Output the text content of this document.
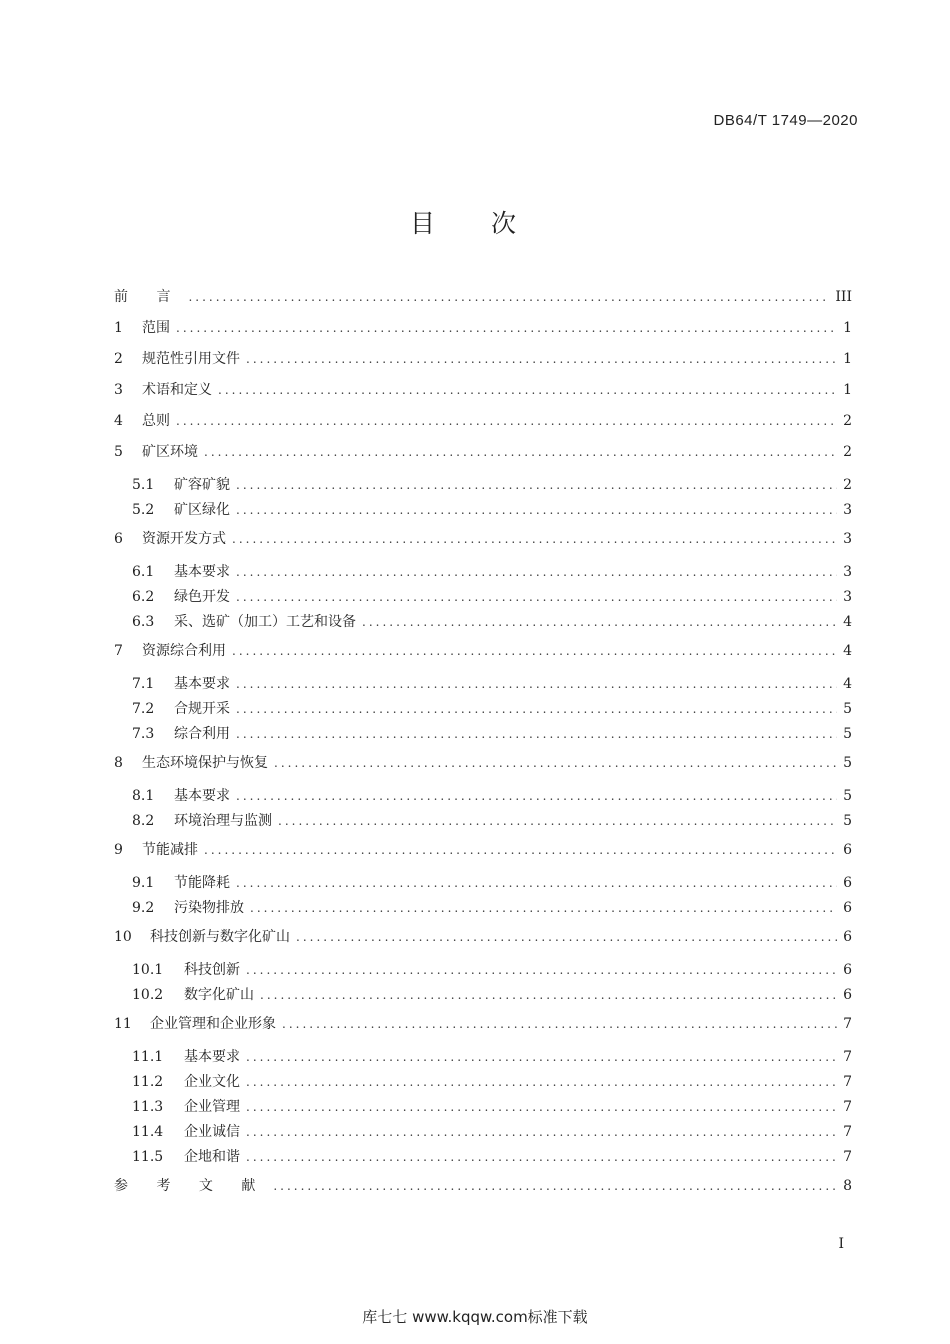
DB64/T 1749—2020
目 次
前 言 .....	III
1	范围 .....	1
2	规范性引用文件 .....	1
3	术语和定义 .....	1
4	总则 .....	2
5	矿区环境 .....	2
5.1	矿容矿貌 .....	2
5.2	矿区绿化 .....	3
6	资源开发方式 .....	3
6.1	基本要求 .....	3
6.2	绿色开发 .....	3
6.3	采、选矿（加工）工艺和设备 .....	4
7	资源综合利用 .....	4
7.1	基本要求 .....	4
7.2	合规开采 .....	5
7.3	综合利用 .....	5
8	生态环境保护与恢复 .....	5
8.1	基本要求 .....	5
8.2	环境治理与监测 .....	5
9	节能减排 .....	6
9.1	节能降耗 .....	6
9.2	污染物排放 .....	6
10	科技创新与数字化矿山 .....	6
10.1	科技创新 .....	6
10.2	数字化矿山 .....	6
11	企业管理和企业形象 .....	7
11.1	基本要求 .....	7
11.2	企业文化 .....	7
11.3	企业管理 .....	7
11.4	企业诚信 .....	7
11.5	企地和谐 .....	7
参 考 文 献 .....	8
I
库七七 www.kqqw.com标准下载
